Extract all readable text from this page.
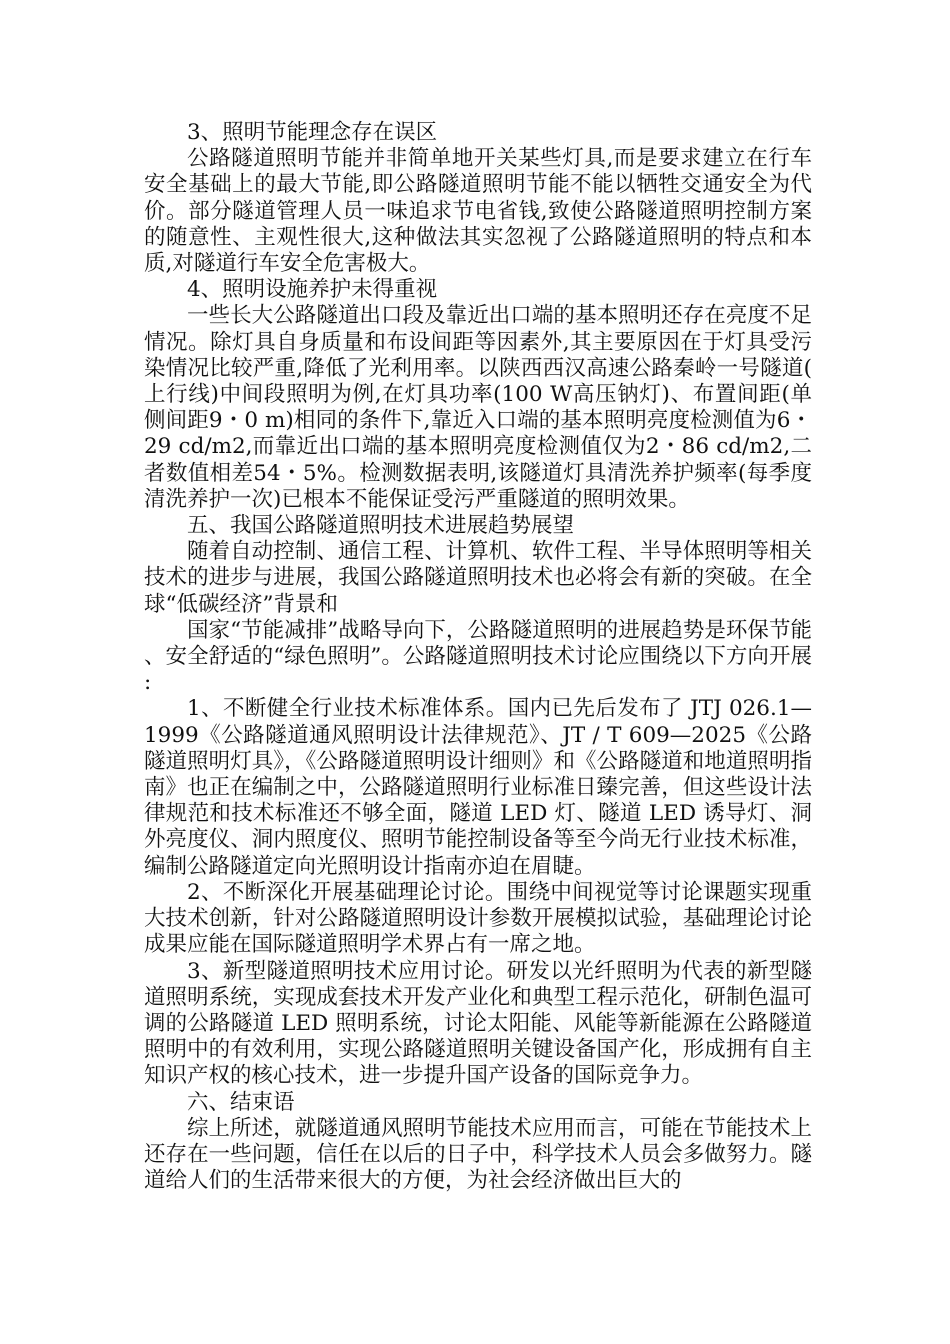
3、照明节能理念存在误区

公路隧道照明节能并非简单地开关某些灯具,而是要求建立在行车安全基础上的最大节能,即公路隧道照明节能不能以牺牲交通安全为代价。部分隧道管理人员一味追求节电省钱,致使公路隧道照明控制方案的随意性、主观性很大,这种做法其实忽视了公路隧道照明的特点和本质,对隧道行车安全危害极大。

4、照明设施养护未得重视

一些长大公路隧道出口段及靠近出口端的基本照明还存在亮度不足情况。除灯具自身质量和布设间距等因素外,其主要原因在于灯具受污染情况比较严重,降低了光利用率。以陕西西汉高速公路秦岭一号隧道(上行线)中间段照明为例,在灯具功率(100 W高压钠灯)、布置间距(单侧间距9・0 m)相同的条件下,靠近入口端的基本照明亮度检测值为6・29 cd/m2,而靠近出口端的基本照明亮度检测值仅为2・86 cd/m2,二者数值相差54・5%。检测数据表明,该隧道灯具清洗养护频率(每季度清洗养护一次)已根本不能保证受污严重隧道的照明效果。

五、我国公路隧道照明技术进展趋势展望

随着自动控制、通信工程、计算机、软件工程、半导体照明等相关技术的进步与进展，我国公路隧道照明技术也必将会有新的突破。在全球“低碳经济”背景和

国家“节能减排”战略导向下，公路隧道照明的进展趋势是环保节能、安全舒适的“绿色照明”。公路隧道照明技术讨论应围绕以下方向开展:

1、不断健全行业技术标准体系。国内已先后发布了 JTJ 026.1—1999《公路隧道通风照明设计法律规范》、JT / T 609—2025《公路隧道照明灯具》，《公路隧道照明设计细则》和《公路隧道和地道照明指南》也正在编制之中，公路隧道照明行业标准日臻完善，但这些设计法律规范和技术标准还不够全面，隧道 LED 灯、隧道 LED 诱导灯、洞外亮度仪、洞内照度仪、照明节能控制设备等至今尚无行业技术标准，编制公路隧道定向光照明设计指南亦迫在眉睫。

2、不断深化开展基础理论讨论。围绕中间视觉等讨论课题实现重大技术创新，针对公路隧道照明设计参数开展模拟试验，基础理论讨论成果应能在国际隧道照明学术界占有一席之地。

3、新型隧道照明技术应用讨论。研发以光纤照明为代表的新型隧道照明系统，实现成套技术开发产业化和典型工程示范化，研制色温可调的公路隧道 LED 照明系统，讨论太阳能、风能等新能源在公路隧道照明中的有效利用，实现公路隧道照明关键设备国产化，形成拥有自主知识产权的核心技术，进一步提升国产设备的国际竞争力。

六、结束语

综上所述，就隧道通风照明节能技术应用而言，可能在节能技术上还存在一些问题，信任在以后的日子中，科学技术人员会多做努力。隧道给人们的生活带来很大的方便，为社会经济做出巨大的
